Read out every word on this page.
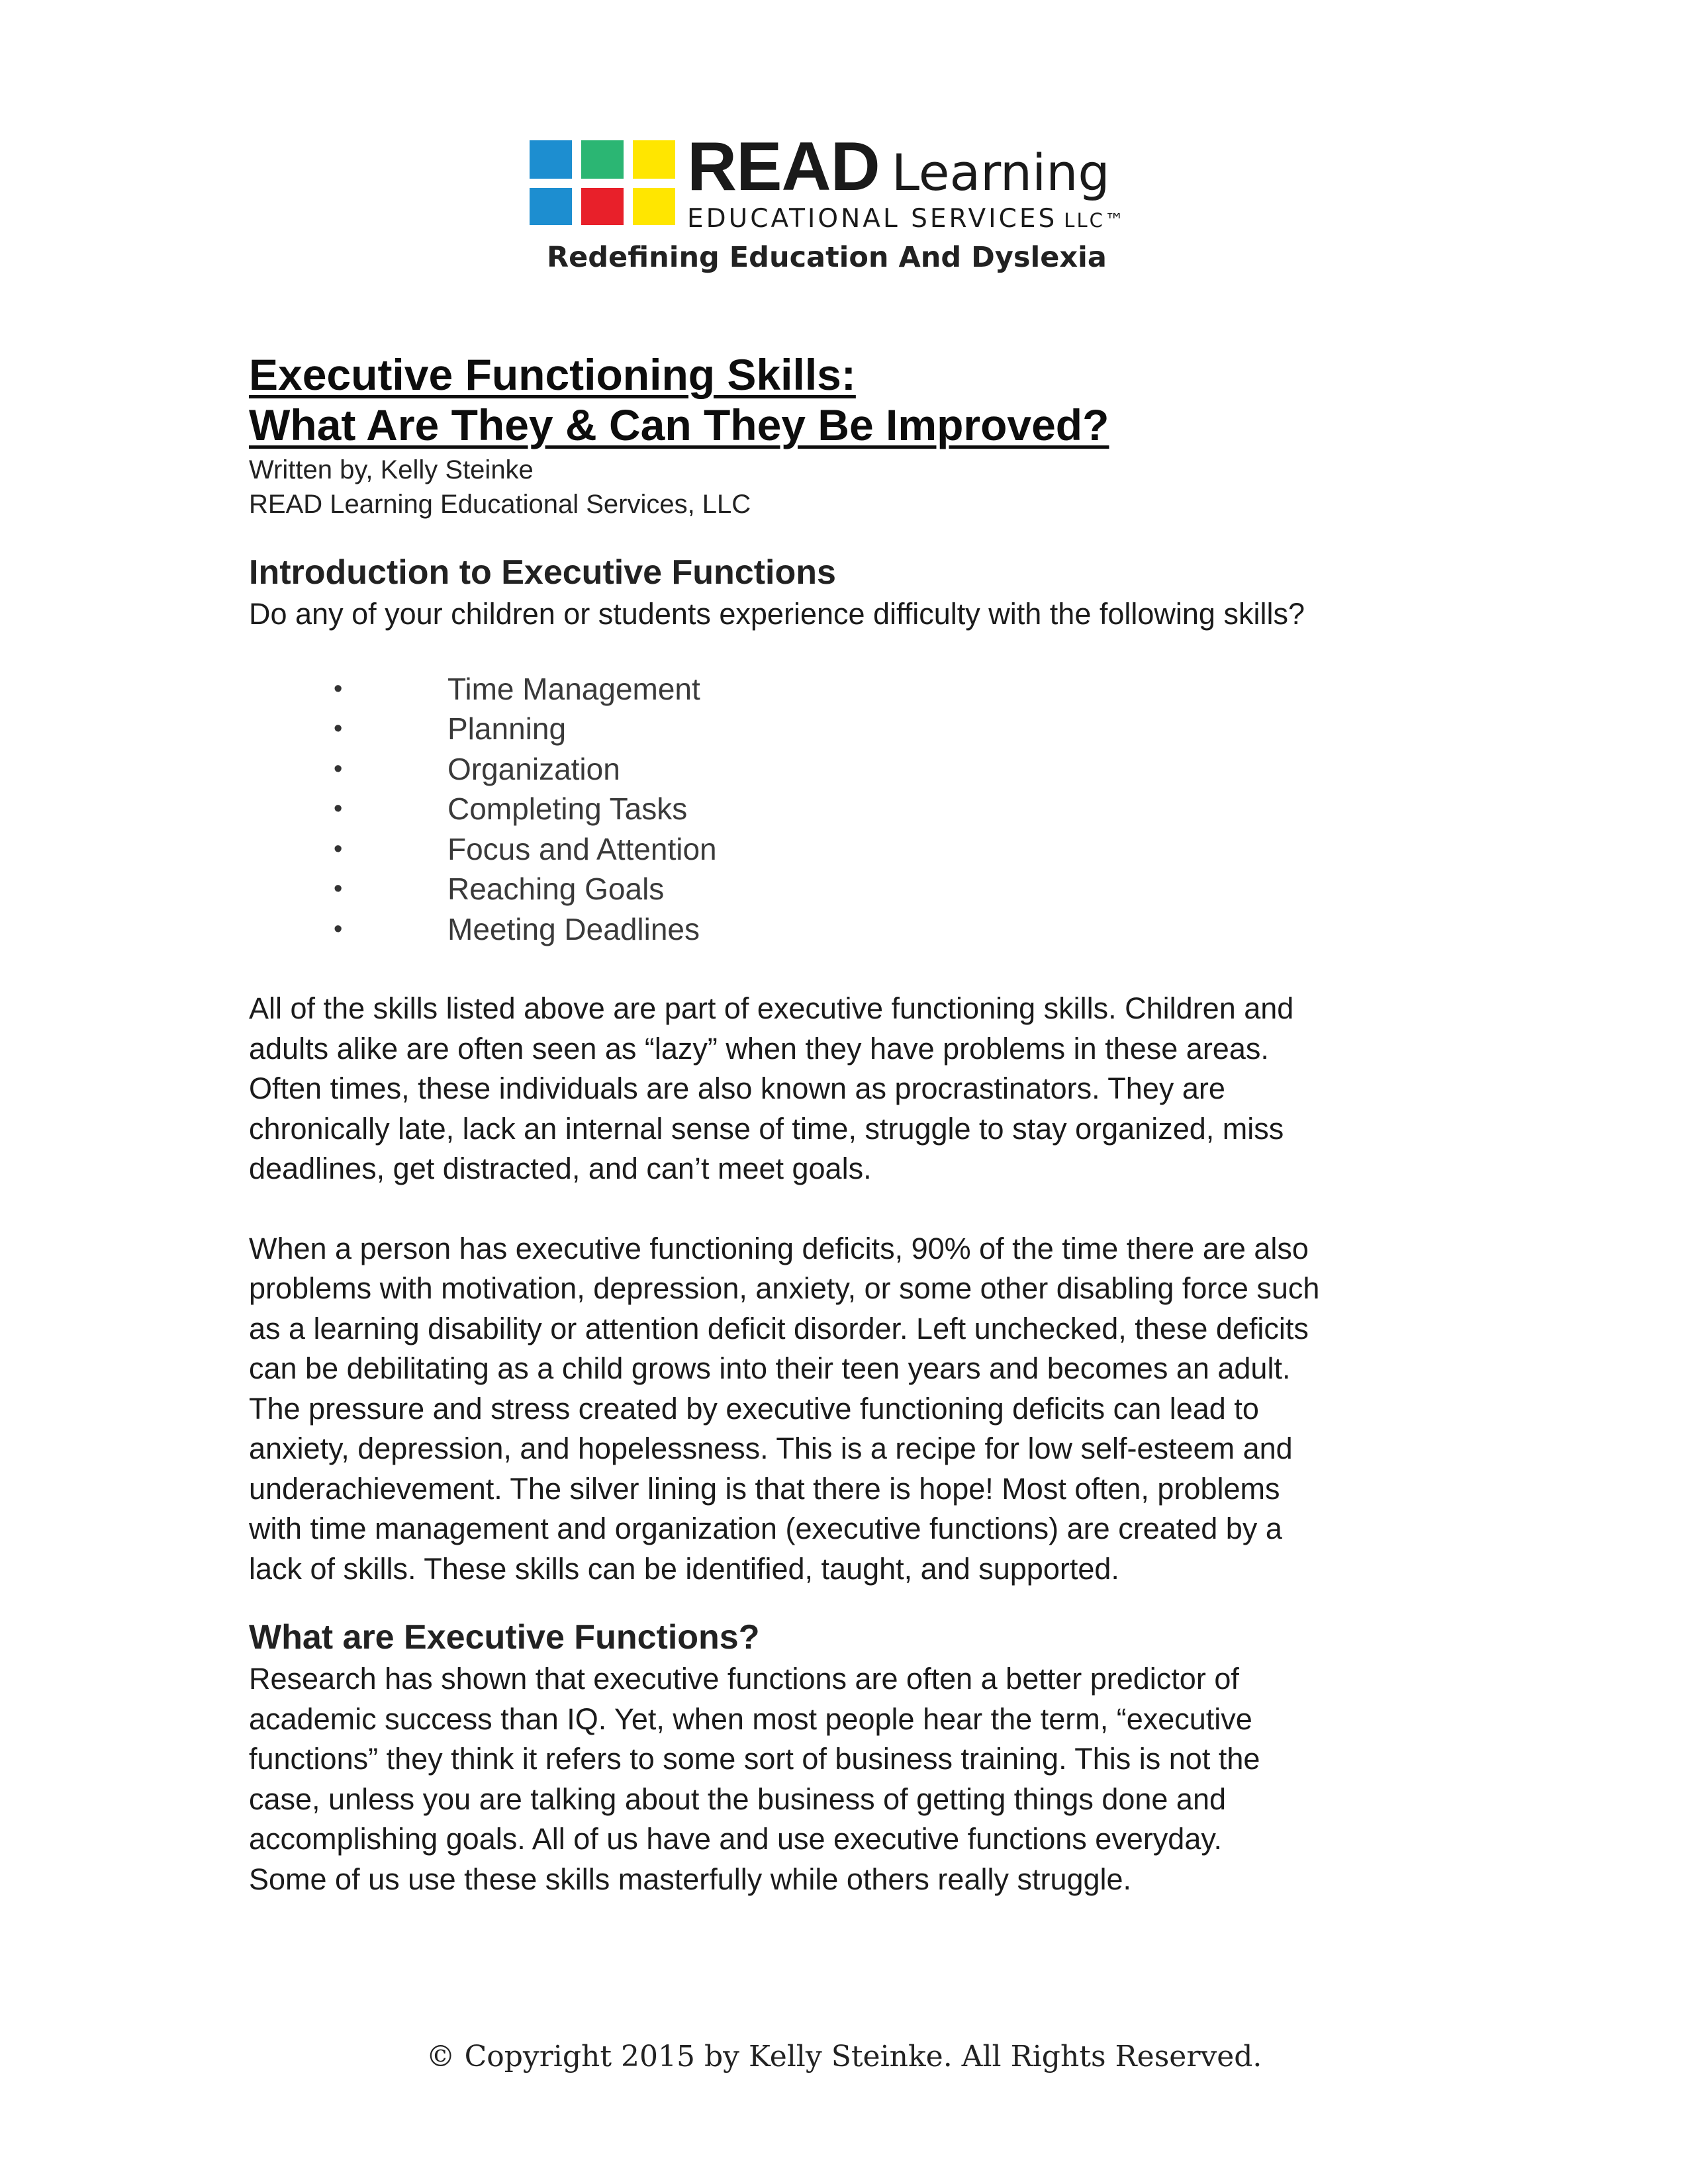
READ Learning
EDUCATIONAL SERVICES LLC™
Redefining Education And Dyslexia
Executive Functioning Skills:
What Are They & Can They Be Improved?

Written by, Kelly Steinke
READ Learning Educational Services, LLC

Introduction to Executive Functions

Do any of your children or students experience difficulty with the following skills?

•	Time Management
•	Planning
•	Organization
•	Completing Tasks
•	Focus and Attention
•	Reaching Goals
•	Meeting Deadlines

All of the skills listed above are part of executive functioning skills. Children and
adults alike are often seen as “lazy” when they have problems in these areas.
Often times, these individuals are also known as procrastinators. They are
chronically late, lack an internal sense of time, struggle to stay organized, miss
deadlines, get distracted, and can’t meet goals.

When a person has executive functioning deficits, 90% of the time there are also
problems with motivation, depression, anxiety, or some other disabling force such
as a learning disability or attention deficit disorder. Left unchecked, these deficits
can be debilitating as a child grows into their teen years and becomes an adult.
The pressure and stress created by executive functioning deficits can lead to
anxiety, depression, and hopelessness. This is a recipe for low self-esteem and
underachievement. The silver lining is that there is hope! Most often, problems
with time management and organization (executive functions) are created by a
lack of skills. These skills can be identified, taught, and supported.

What are Executive Functions?

Research has shown that executive functions are often a better predictor of
academic success than IQ. Yet, when most people hear the term, “executive
functions” they think it refers to some sort of business training. This is not the
case, unless you are talking about the business of getting things done and
accomplishing goals. All of us have and use executive functions everyday.
Some of us use these skills masterfully while others really struggle.

© Copyright 2015 by Kelly Steinke. All Rights Reserved.
